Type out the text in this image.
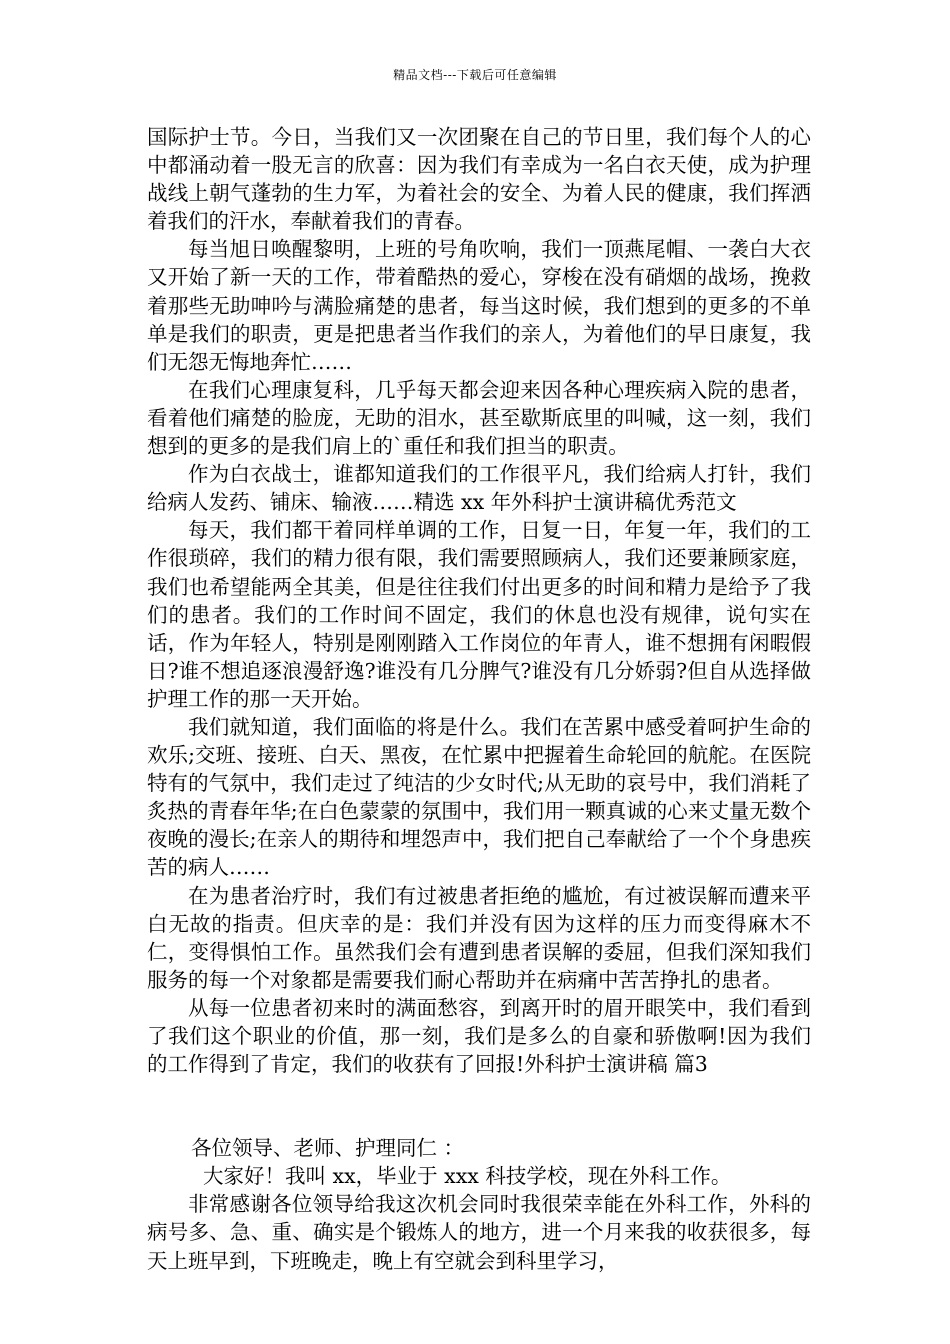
精品文档---下载后可任意编辑

国际护士节。今日，当我们又一次团聚在自己的节日里，我们每个人的心中都涌动着一股无言的欣喜：因为我们有幸成为一名白衣天使，成为护理战线上朝气蓬勃的生力军，为着社会的安全、为着人民的健康，我们挥洒着我们的汗水，奉献着我们的青春。

每当旭日唤醒黎明，上班的号角吹响，我们一顶燕尾帽、一袭白大衣又开始了新一天的工作，带着酷热的爱心，穿梭在没有硝烟的战场，挽救着那些无助呻吟与满脸痛楚的患者，每当这时候，我们想到的更多的不单单是我们的职责，更是把患者当作我们的亲人，为着他们的早日康复，我们无怨无悔地奔忙……

在我们心理康复科，几乎每天都会迎来因各种心理疾病入院的患者，看着他们痛楚的脸庞，无助的泪水，甚至歇斯底里的叫喊，这一刻，我们想到的更多的是我们肩上的`重任和我们担当的职责。

作为白衣战士，谁都知道我们的工作很平凡，我们给病人打针，我们给病人发药、铺床、输液……精选 xx 年外科护士演讲稿优秀范文

每天，我们都干着同样单调的工作，日复一日，年复一年，我们的工作很琐碎，我们的精力很有限，我们需要照顾病人，我们还要兼顾家庭，我们也希望能两全其美，但是往往我们付出更多的时间和精力是给予了我们的患者。我们的工作时间不固定，我们的休息也没有规律，说句实在话，作为年轻人，特别是刚刚踏入工作岗位的年青人，谁不想拥有闲暇假日?谁不想追逐浪漫舒逸?谁没有几分脾气?谁没有几分娇弱?但自从选择做护理工作的那一天开始。

我们就知道，我们面临的将是什么。我们在苦累中感受着呵护生命的欢乐;交班、接班、白天、黑夜，在忙累中把握着生命轮回的航舵。在医院特有的气氛中，我们走过了纯洁的少女时代;从无助的哀号中，我们消耗了炙热的青春年华;在白色蒙蒙的氛围中，我们用一颗真诚的心来丈量无数个夜晚的漫长;在亲人的期待和埋怨声中，我们把自己奉献给了一个个身患疾苦的病人……

在为患者治疗时，我们有过被患者拒绝的尴尬，有过被误解而遭来平白无故的指责。但庆幸的是：我们并没有因为这样的压力而变得麻木不仁，变得惧怕工作。虽然我们会有遭到患者误解的委屈，但我们深知我们服务的每一个对象都是需要我们耐心帮助并在病痛中苦苦挣扎的患者。

从每一位患者初来时的满面愁容，到离开时的眉开眼笑中，我们看到了我们这个职业的价值，那一刻，我们是多么的自豪和骄傲啊!因为我们的工作得到了肯定，我们的收获有了回报!外科护士演讲稿 篇3

各位领导、老师、护理同仁 ：

大家好！我叫 xx，毕业于 xxx 科技学校，现在外科工作。

非常感谢各位领导给我这次机会同时我很荣幸能在外科工作，外科的病号多、急、重、确实是个锻炼人的地方，进一个月来我的收获很多，每天上班早到，下班晚走，晚上有空就会到科里学习，
